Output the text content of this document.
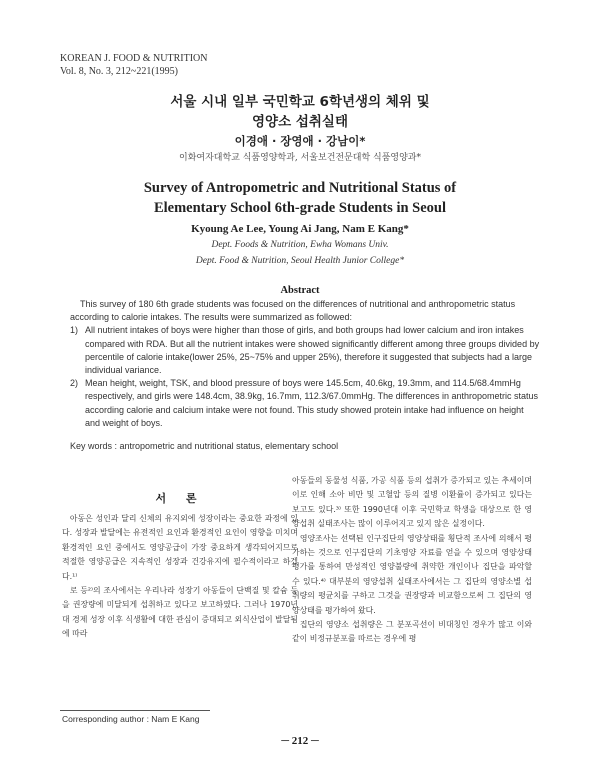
KOREAN J. FOOD & NUTRITION
Vol. 8, No. 3, 212~221(1995)
서울 시내 일부 국민학교 6학년생의 체위 및
영양소 섭취실태
이경애 · 장영애 · 강남이*
이화여자대학교 식품영양학과, 서울보건전문대학 식품영양과*
Survey of Antropometric and Nutritional Status of
Elementary School 6th-grade Students in Seoul
Kyoung Ae Lee, Young Ai Jang, Nam E Kang*
Dept. Foods & Nutrition, Ewha Womans Univ.
Dept. Food & Nutrition, Seoul Health Junior College*
Abstract

This survey of 180 6th grade students was focused on the differences of nutritional and anthropometric status according to calorie intakes. The results were summarized as followed:

1) All nutrient intakes of boys were higher than those of girls, and both groups had lower calcium and iron intakes compared with RDA. But all the nutrient intakes were showed significantly different among three groups divided by percentile of calorie intake(lower 25%, 25~75% and upper 25%), therefore it suggested that subjects had a large individual variance.
2) Mean height, weight, TSK, and blood pressure of boys were 145.5cm, 40.6kg, 19.3mm, and 114.5/68.4mmHg respectively, and girls were 148.4cm, 38.9kg, 16.7mm, 112.3/67.0mmHg. The differences in anthropometric status according calorie and calcium intake were not found. This study showed protein intake had influence on height and weight of boys.
Key words : antropometric and nutritional status, elementary school
서 론

아동은 성인과 달리 신체의 유지외에 성장이라는 중요한 과정에 있다. 성장과 발달에는 유전적인 요인과 환경적인 요인이 영향을 미치며 환경적인 요인 중에서도 영양공급이 가장 중요하게 생각되어지므로 적절한 영양공급은 지속적인 성장과 건강유지에 필수적이라고 하겠다.¹⁾

로 등²⁾의 조사에서는 우리나라 성장기 아동들이 단백질 및 칼슘 등을 권장량에 미달되게 섭취하고 있다고 보고하였다. 그러나 1970년대 경제 성장 이후 식생활에 대한 관심이 증대되고 외식산업이 발달됨에 따라

아동들의 동물성 식품, 가공 식품 등의 섭취가 증가되고 있는 추세이며 이로 인해 소아 비만 및 고혈압 등의 질병 이환률이 증가되고 있다는 보고도 있다.³⁾ 또한 1990년대 이후 국민학교 학생을 대상으로 한 영양섭취 실태조사는 많이 이루어지고 있지 않은 실정이다.

영양조사는 선택된 인구집단의 영양상태를 횡단적 조사에 의해서 평가하는 것으로 인구집단의 기초영양 자료를 얻을 수 있으며 영양상태 평가를 통하여 만성적인 영양불량에 취약한 개인이나 집단을 파악할 수 있다.⁴⁾ 대부분의 영양섭취 실태조사에서는 그 집단의 영양소별 섭취량의 평균치를 구하고 그것을 권장량과 비교함으로써 그 집단의 영양상태를 평가하여 왔다.

집단의 영양소 섭취량은 그 분포곡선이 비대칭인 경우가 많고 이와 같이 비정규분포를 따르는 경우에 평

Corresponding author : Nam E Kang
─ 212 ─
